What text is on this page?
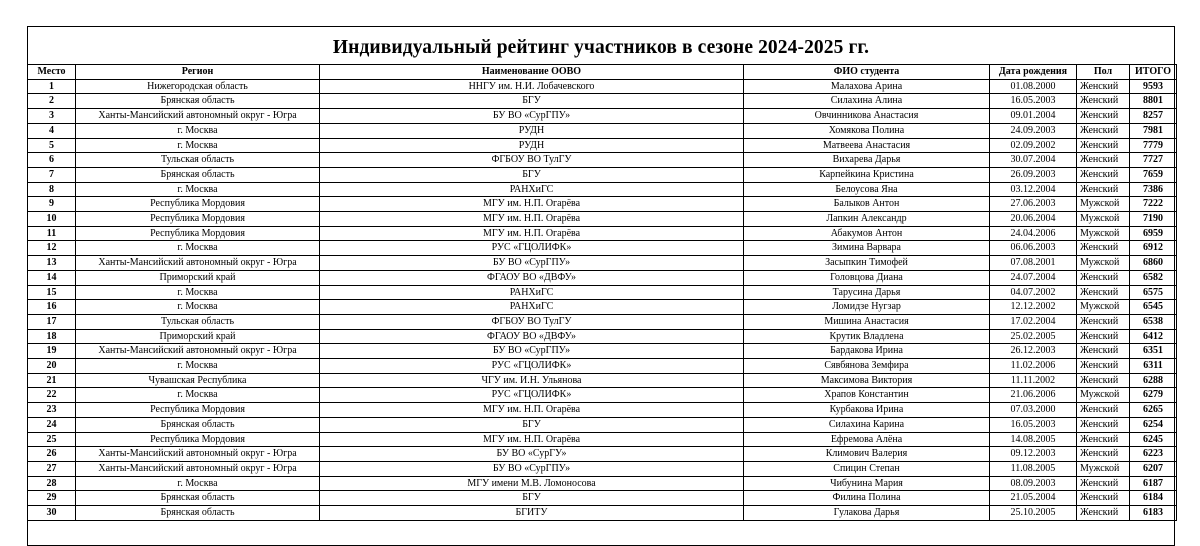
Индивидуальный рейтинг участников в сезоне 2024-2025 гг.
Место	Регион	Наименование ООВО	ФИО студента	Дата рождения	Пол	ИТОГО
1	Нижегородская область	ННГУ им. Н.И. Лобачевского	Малахова Арина	01.08.2000	Женский	9593
2	Брянская область	БГУ	Силахина Алина	16.05.2003	Женский	8801
3	Ханты-Мансийский автономный округ - Югра	БУ ВО «СурГПУ»	Овчинникова Анастасия	09.01.2004	Женский	8257
4	г. Москва	РУДН	Хомякова Полина	24.09.2003	Женский	7981
5	г. Москва	РУДН	Матвеева Анастасия	02.09.2002	Женский	7779
6	Тульская область	ФГБОУ ВО ТулГУ	Вихарева Дарья	30.07.2004	Женский	7727
7	Брянская область	БГУ	Карпейкина Кристина	26.09.2003	Женский	7659
8	г. Москва	РАНХиГС	Белоусова Яна	03.12.2004	Женский	7386
9	Республика Мордовия	МГУ им. Н.П. Огарёва	Балыков Антон	27.06.2003	Мужской	7222
10	Республика Мордовия	МГУ им. Н.П. Огарёва	Лапкин Александр	20.06.2004	Мужской	7190
11	Республика Мордовия	МГУ им. Н.П. Огарёва	Абакумов Антон	24.04.2006	Мужской	6959
12	г. Москва	РУС «ГЦОЛИФК»	Зимина Варвара	06.06.2003	Женский	6912
13	Ханты-Мансийский автономный округ - Югра	БУ ВО «СурГПУ»	Засыпкин Тимофей	07.08.2001	Мужской	6860
14	Приморский край	ФГАОУ ВО «ДВФУ»	Головцова Диана	24.07.2004	Женский	6582
15	г. Москва	РАНХиГС	Тарусина Дарья	04.07.2002	Женский	6575
16	г. Москва	РАНХиГС	Ломидзе Нугзар	12.12.2002	Мужской	6545
17	Тульская область	ФГБОУ ВО ТулГУ	Мишина Анастасия	17.02.2004	Женский	6538
18	Приморский край	ФГАОУ ВО «ДВФУ»	Крутик Владлена	25.02.2005	Женский	6412
19	Ханты-Мансийский автономный округ - Югра	БУ ВО «СурГПУ»	Бардакова Ирина	26.12.2003	Женский	6351
20	г. Москва	РУС «ГЦОЛИФК»	Сявбянова Земфира	11.02.2006	Женский	6311
21	Чувашская Республика	ЧГУ им. И.Н. Ульянова	Максимова Виктория	11.11.2002	Женский	6288
22	г. Москва	РУС «ГЦОЛИФК»	Храпов Константин	21.06.2006	Мужской	6279
23	Республика Мордовия	МГУ им. Н.П. Огарёва	Курбакова Ирина	07.03.2000	Женский	6265
24	Брянская область	БГУ	Силахина Карина	16.05.2003	Женский	6254
25	Республика Мордовия	МГУ им. Н.П. Огарёва	Ефремова Алёна	14.08.2005	Женский	6245
26	Ханты-Мансийский автономный округ - Югра	БУ ВО «СурГУ»	Климович Валерия	09.12.2003	Женский	6223
27	Ханты-Мансийский автономный округ - Югра	БУ ВО «СурГПУ»	Спицин Степан	11.08.2005	Мужской	6207
28	г. Москва	МГУ имени М.В. Ломоносова	Чибунина Мария	08.09.2003	Женский	6187
29	Брянская область	БГУ	Филина Полина	21.05.2004	Женский	6184
30	Брянская область	БГИТУ	Гулакова Дарья	25.10.2005	Женский	6183
